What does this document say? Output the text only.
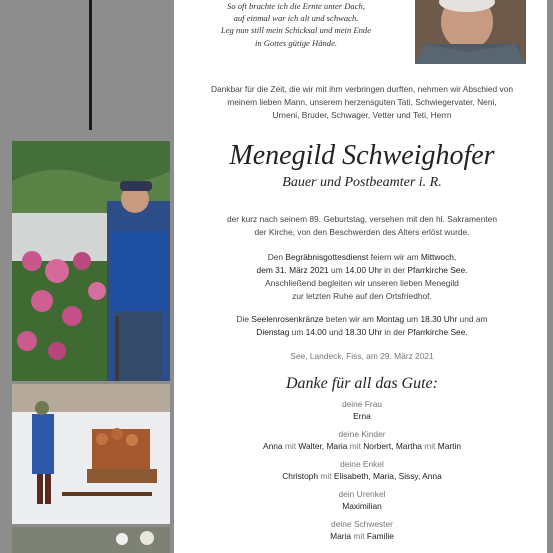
So oft brachte ich die Ernte unter Dach,
auf einmal war ich alt und schwach.
Leg nun still mein Schicksal und mein Ende
in Gottes gütige Hände.
Dankbar für die Zeit, die wir mit ihm verbringen durften, nehmen wir Abschied von
meinem lieben Mann, unserem herzensguten Tati, Schwiegervater, Neni,
Urneni, Bruder, Schwager, Vetter und Teti, Herrn
Menegild Schweighofer
Bauer und Postbeamter i. R.
der kurz nach seinem 89. Geburtstag, versehen mit den hl. Sakramenten
der Kirche, von den Beschwerden des Alters erlöst wurde.
Den Begräbnisgottesdienst feiern wir am Mittwoch,
dem 31. März 2021 um 14.00 Uhr in der Pfarrkirche See.
Anschließend begleiten wir unseren lieben Menegild
zur letzten Ruhe auf den Ortsfriedhof.
Die Seelenrosenkränze beten wir am Montag um 18.30 Uhr und am
Dienstag um 14.00 und 18.30 Uhr in der Pfarrkirche See.
See, Landeck, Fiss, am 29. März 2021
Danke für all das Gute:
deine Frau
Erna
deine Kinder
Anna mit Walter, Maria mit Norbert, Martha mit Martin
deine Enkel
Christoph mit Elisabeth, Maria, Sissy, Anna
dein Urenkel
Maximilian
deine Schwester
Maria mit Familie
